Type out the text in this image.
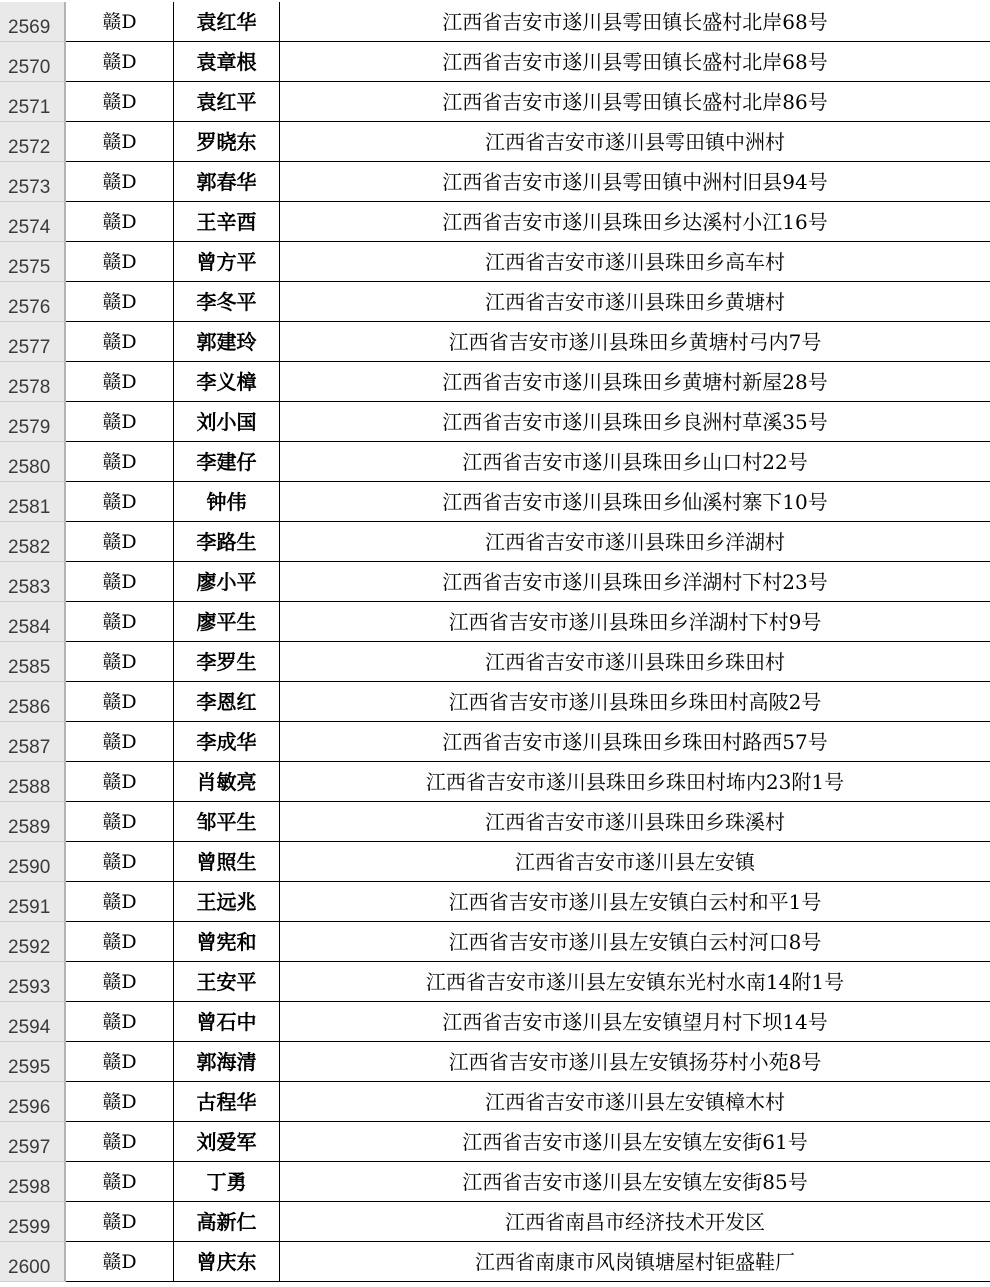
2569	赣D	袁红华	江西省吉安市遂川县雩田镇长盛村北岸68号
2570	赣D	袁章根	江西省吉安市遂川县雩田镇长盛村北岸68号
2571	赣D	袁红平	江西省吉安市遂川县雩田镇长盛村北岸86号
2572	赣D	罗晓东	江西省吉安市遂川县雩田镇中洲村
2573	赣D	郭春华	江西省吉安市遂川县雩田镇中洲村旧县94号
2574	赣D	王辛酉	江西省吉安市遂川县珠田乡达溪村小江16号
2575	赣D	曾方平	江西省吉安市遂川县珠田乡高车村
2576	赣D	李冬平	江西省吉安市遂川县珠田乡黄塘村
2577	赣D	郭建玲	江西省吉安市遂川县珠田乡黄塘村弓内7号
2578	赣D	李义樟	江西省吉安市遂川县珠田乡黄塘村新屋28号
2579	赣D	刘小国	江西省吉安市遂川县珠田乡良洲村草溪35号
2580	赣D	李建仔	江西省吉安市遂川县珠田乡山口村22号
2581	赣D	钟伟	江西省吉安市遂川县珠田乡仙溪村寨下10号
2582	赣D	李路生	江西省吉安市遂川县珠田乡洋湖村
2583	赣D	廖小平	江西省吉安市遂川县珠田乡洋湖村下村23号
2584	赣D	廖平生	江西省吉安市遂川县珠田乡洋湖村下村9号
2585	赣D	李罗生	江西省吉安市遂川县珠田乡珠田村
2586	赣D	李恩红	江西省吉安市遂川县珠田乡珠田村高陂2号
2587	赣D	李成华	江西省吉安市遂川县珠田乡珠田村路西57号
2588	赣D	肖敏亮	江西省吉安市遂川县珠田乡珠田村㘵内23附1号
2589	赣D	邹平生	江西省吉安市遂川县珠田乡珠溪村
2590	赣D	曾照生	江西省吉安市遂川县左安镇
2591	赣D	王远兆	江西省吉安市遂川县左安镇白云村和平1号
2592	赣D	曾宪和	江西省吉安市遂川县左安镇白云村河口8号
2593	赣D	王安平	江西省吉安市遂川县左安镇东光村水南14附1号
2594	赣D	曾石中	江西省吉安市遂川县左安镇望月村下坝14号
2595	赣D	郭海清	江西省吉安市遂川县左安镇扬芬村小苑8号
2596	赣D	古程华	江西省吉安市遂川县左安镇樟木村
2597	赣D	刘爱军	江西省吉安市遂川县左安镇左安街61号
2598	赣D	丁勇	江西省吉安市遂川县左安镇左安街85号
2599	赣D	高新仁	江西省南昌市经济技术开发区
2600	赣D	曾庆东	江西省南康市风岗镇塘屋村钜盛鞋厂
